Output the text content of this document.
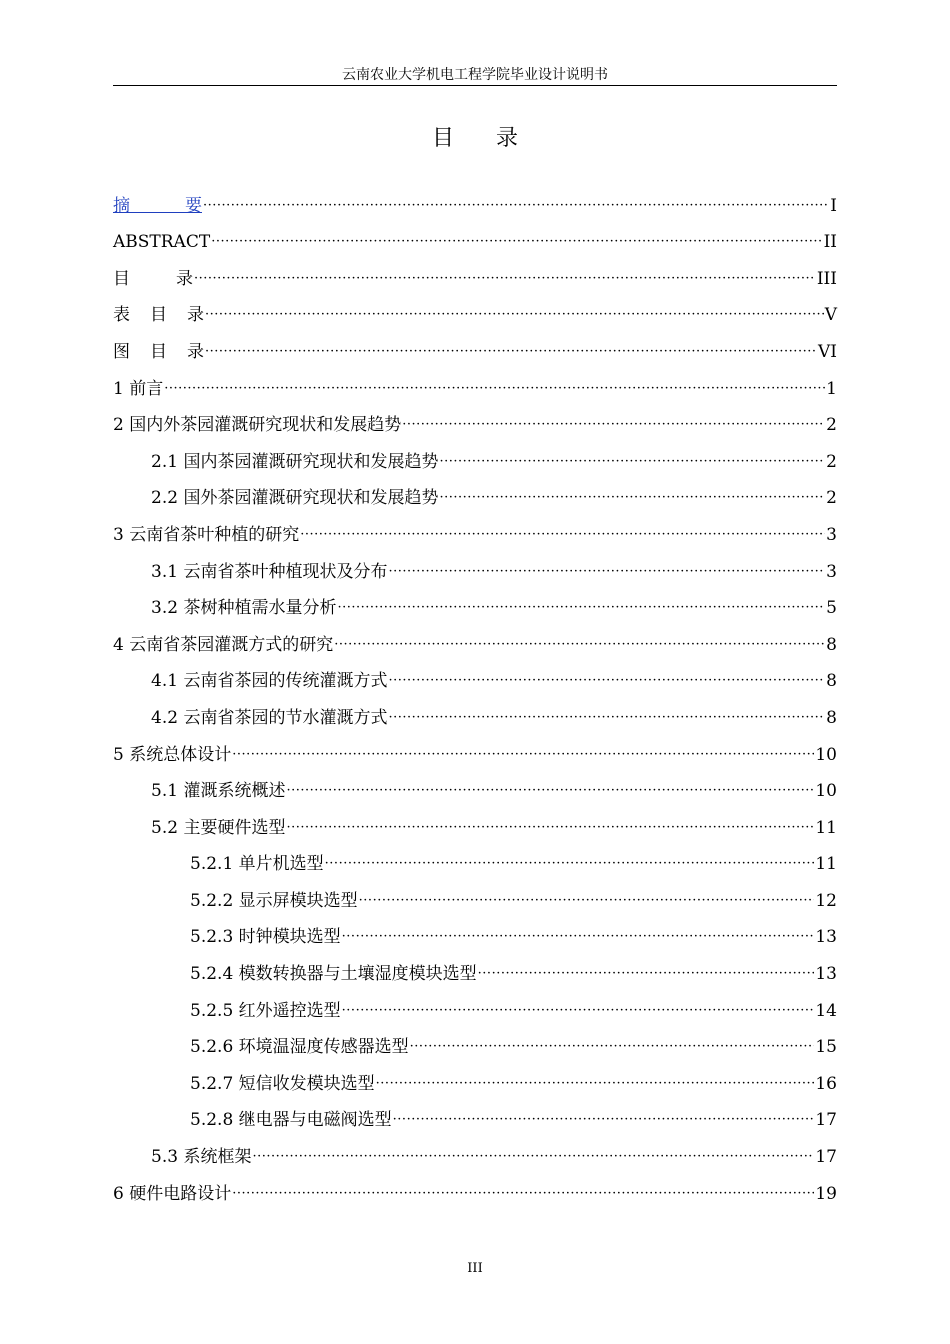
云南农业大学机电工程学院毕业设计说明书
目 录
摘要 ·····	I
ABSTRACT ·····	II
目录 ·····	III
表目录 ·····	V
图目录 ·····	VI
1 前言 ·····	1
2 国内外茶园灌溉研究现状和发展趋势 ·····	2
2.1 国内茶园灌溉研究现状和发展趋势 ·····	2
2.2 国外茶园灌溉研究现状和发展趋势 ·····	2
3 云南省茶叶种植的研究 ·····	3
3.1 云南省茶叶种植现状及分布 ·····	3
3.2 茶树种植需水量分析 ·····	5
4 云南省茶园灌溉方式的研究 ·····	8
4.1 云南省茶园的传统灌溉方式 ·····	8
4.2 云南省茶园的节水灌溉方式 ·····	8
5 系统总体设计 ·····	10
5.1 灌溉系统概述 ·····	10
5.2 主要硬件选型 ·····	11
5.2.1 单片机选型 ·····	11
5.2.2 显示屏模块选型 ·····	12
5.2.3 时钟模块选型 ·····	13
5.2.4 模数转换器与土壤湿度模块选型 ·····	13
5.2.5 红外遥控选型 ·····	14
5.2.6 环境温湿度传感器选型 ·····	15
5.2.7 短信收发模块选型 ·····	16
5.2.8 继电器与电磁阀选型 ·····	17
5.3 系统框架 ·····	17
6 硬件电路设计 ·····	19
III
